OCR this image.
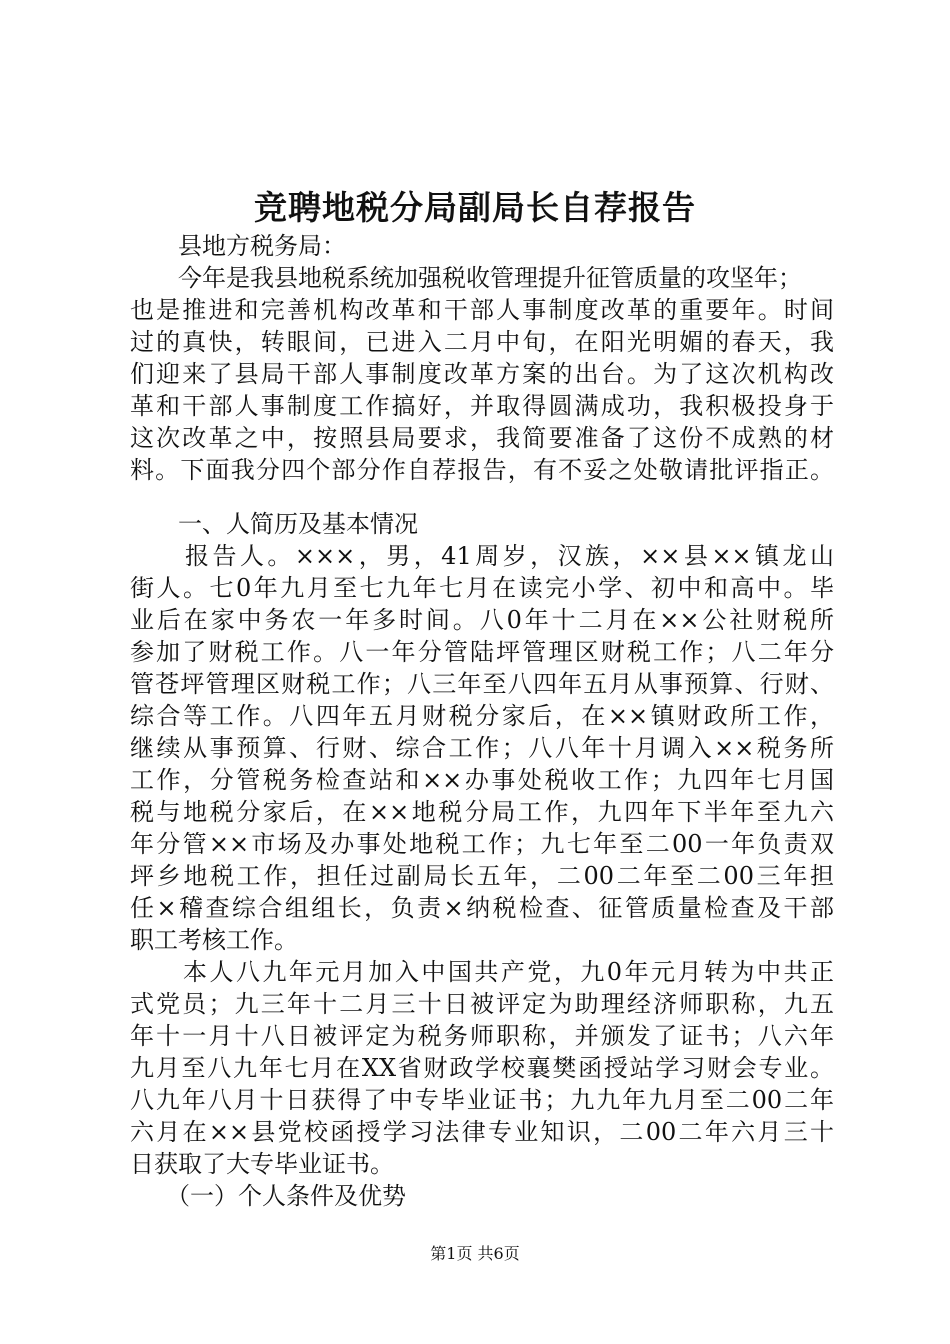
竞聘地税分局副局长自荐报告
　　县地方税务局：
　　今年是我县地税系统加强税收管理提升征管质量的攻坚年；
也是推进和完善机构改革和干部人事制度改革的重要年。时间
过的真快，转眼间，已进入二月中旬，在阳光明媚的春天，我
们迎来了县局干部人事制度改革方案的出台。为了这次机构改
革和干部人事制度工作搞好，并取得圆满成功，我积极投身于
这次改革之中，按照县局要求，我简要准备了这份不成熟的材
料。下面我分四个部分作自荐报告，有不妥之处敬请批评指正。
　　一、人简历及基本情况
　　报告人。×××，男，41周岁，汉族，××县××镇龙山
街人。七0年九月至七九年七月在读完小学、初中和高中。毕
业后在家中务农一年多时间。八0年十二月在××公社财税所
参加了财税工作。八一年分管陆坪管理区财税工作；八二年分
管苍坪管理区财税工作；八三年至八四年五月从事预算、行财、
综合等工作。八四年五月财税分家后，在××镇财政所工作，
继续从事预算、行财、综合工作；八八年十月调入××税务所
工作，分管税务检查站和××办事处税收工作；九四年七月国
税与地税分家后，在××地税分局工作，九四年下半年至九六
年分管××市场及办事处地税工作；九七年至二00一年负责双
坪乡地税工作，担任过副局长五年，二00二年至二00三年担
任×稽查综合组组长，负责×纳税检查、征管质量检查及干部
职工考核工作。
　　本人八九年元月加入中国共产党，九0年元月转为中共正
式党员；九三年十二月三十日被评定为助理经济师职称，九五
年十一月十八日被评定为税务师职称，并颁发了证书；八六年
九月至八九年七月在XX省财政学校襄樊函授站学习财会专业。
八九年八月十日获得了中专毕业证书；九九年九月至二00二年
六月在××县党校函授学习法律专业知识，二00二年六月三十
日获取了大专毕业证书。
　　（一）个人条件及优势
第1页 共6页
